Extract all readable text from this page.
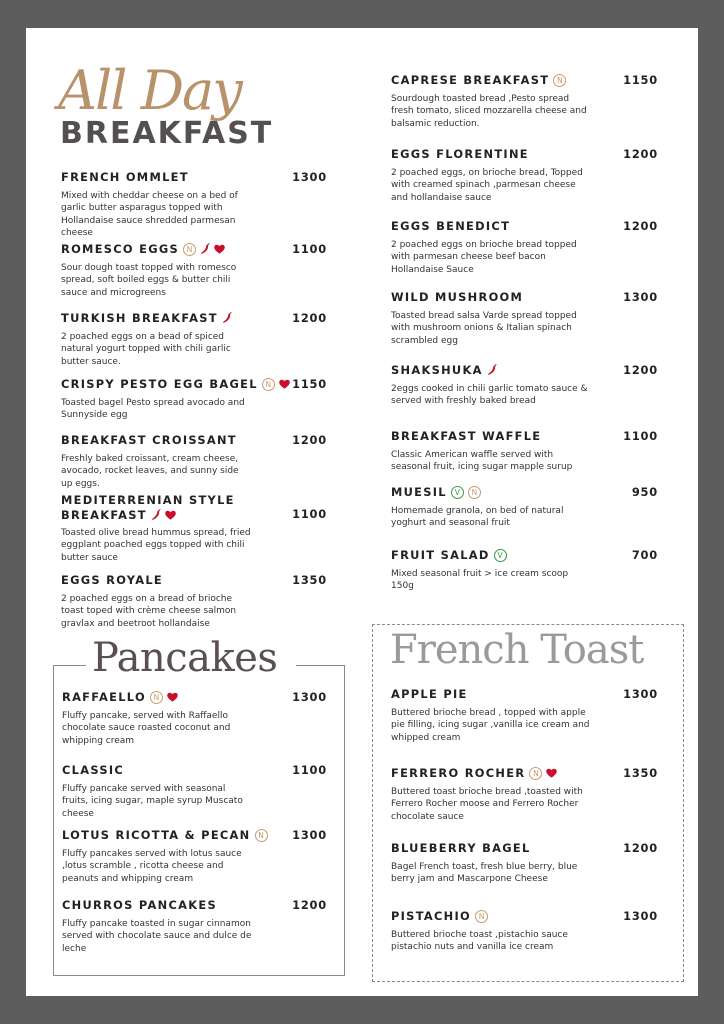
All Day
BREAKFAST
FRENCH OMMLET	1300
Mixed with cheddar cheese on a bed of garlic butter asparagus topped with Hollandaise sauce shredded parmesan cheese
ROMESCO EGGS N	1100
Sour dough toast topped with romesco spread, soft boiled eggs & butter chili sauce and microgreens
TURKISH BREAKFAST	1200
2 poached eggs on a bead of spiced natural yogurt topped with chili garlic butter sauce.
CRISPY PESTO EGG BAGEL N	1150
Toasted bagel Pesto spread avocado and Sunnyside egg
BREAKFAST CROISSANT	1200
Freshly baked croissant, cream cheese, avocado, rocket leaves, and sunny side up eggs.
MEDITERRENIAN STYLE
BREAKFAST	1100
Toasted olive bread hummus spread, fried eggplant poached eggs topped with chili butter sauce
EGGS ROYALE	1350
2 poached eggs on a bread of brioche toast toped with crème cheese salmon gravlax and beetroot hollandaise
CAPRESE BREAKFAST N	1150
Sourdough toasted bread ,Pesto spread fresh tomato, sliced mozzarella cheese and balsamic reduction.
EGGS FLORENTINE	1200
2 poached eggs, on brioche bread, Topped with creamed spinach ,parmesan cheese and hollandaise sauce
EGGS BENEDICT	1200
2 poached eggs on brioche bread topped with parmesan cheese beef bacon Hollandaise Sauce
WILD MUSHROOM	1300
Toasted bread salsa Varde spread topped with mushroom onions & Italian spinach scrambled egg
SHAKSHUKA	1200
2eggs cooked in chili garlic tomato sauce & served with freshly baked bread
BREAKFAST WAFFLE	1100
Classic American waffle served with seasonal fruit, icing sugar mapple surup
MUESIL V N	950
Homemade granola, on bed of natural yoghurt and seasonal fruit
FRUIT SALAD V	700
Mixed seasonal fruit > ice cream scoop 150g
Pancakes
RAFFAELLO N	1300
Fluffy pancake, served with Raffaello chocolate sauce roasted coconut and whipping cream
CLASSIC	1100
Fluffy pancake served with seasonal fruits, icing sugar, maple syrup Muscato cheese
LOTUS RICOTTA & PECAN N	1300
Fluffy pancakes served with lotus sauce ,lotus scramble , ricotta cheese and peanuts and whipping cream
CHURROS PANCAKES	1200
Fluffy pancake toasted in sugar cinnamon served with chocolate sauce and dulce de leche
French Toast
APPLE PIE	1300
Buttered brioche bread , topped with apple pie filling, icing sugar ,vanilla ice cream and whipped cream
FERRERO ROCHER N	1350
Buttered toast brioche bread ,toasted with Ferrero Rocher moose and Ferrero Rocher chocolate sauce
BLUEBERRY BAGEL	1200
Bagel French toast, fresh blue berry, blue berry jam and Mascarpone Cheese
PISTACHIO N	1300
Buttered brioche toast ,pistachio sauce pistachio nuts and vanilla ice cream
